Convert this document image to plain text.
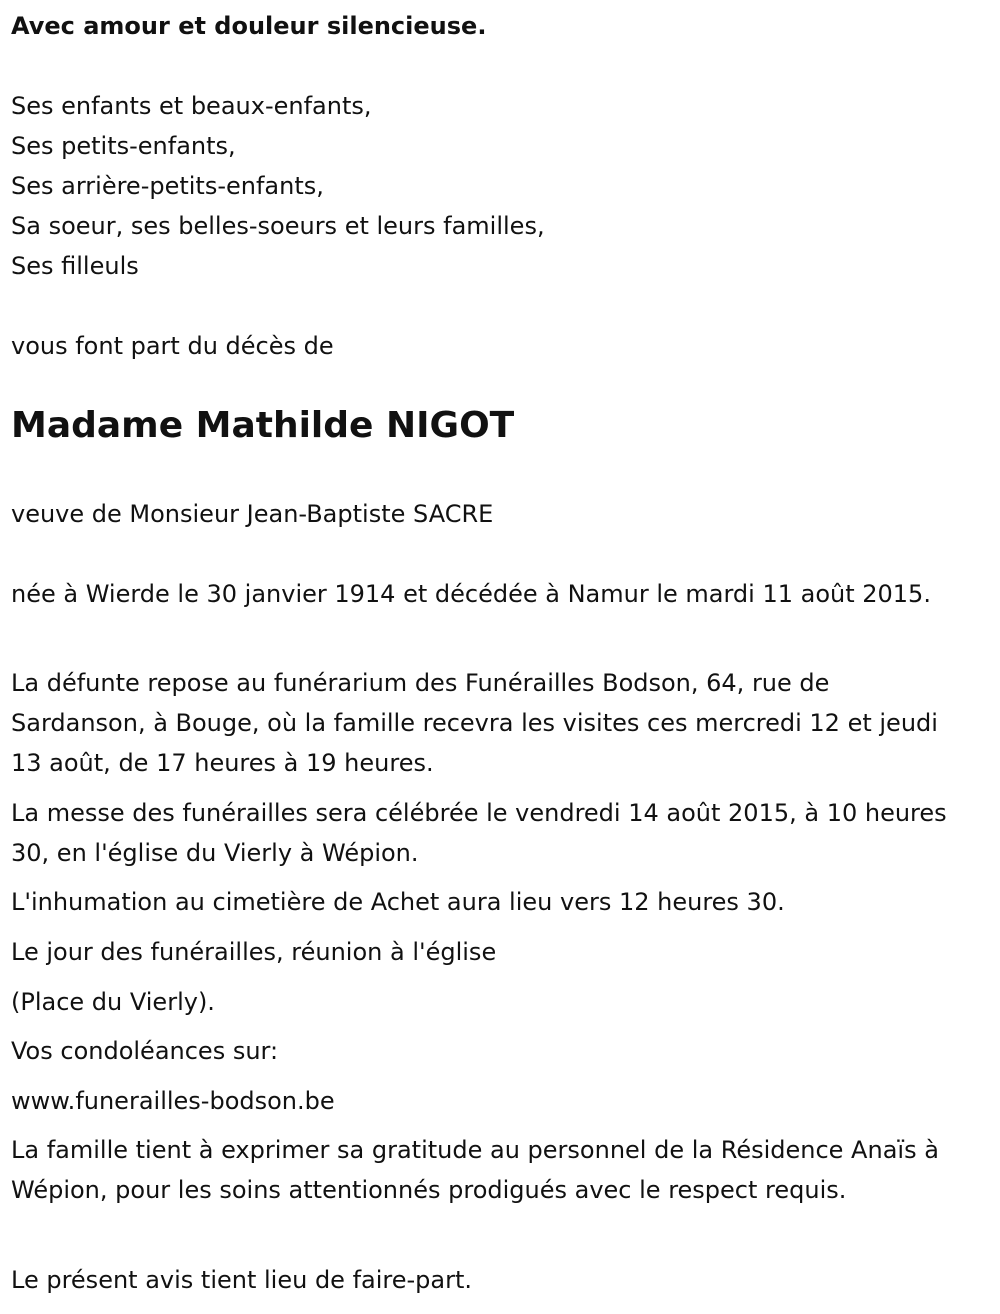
Avec amour et douleur silencieuse.
Ses enfants et beaux-enfants,
Ses petits-enfants,
Ses arrière-petits-enfants,
Sa soeur, ses belles-soeurs et leurs familles,
Ses filleuls
vous font part du décès de
Madame Mathilde NIGOT
veuve de Monsieur Jean-Baptiste SACRE
née à Wierde le 30 janvier 1914 et décédée à Namur le mardi 11 août 2015.
La défunte repose au funérarium des Funérailles Bodson, 64, rue de Sardanson, à Bouge, où la famille recevra les visites ces mercredi 12 et jeudi 13 août, de 17 heures à 19 heures.
La messe des funérailles sera célébrée le vendredi 14 août 2015, à 10 heures 30, en l'église du Vierly à Wépion.
L'inhumation au cimetière de Achet aura lieu vers 12 heures 30.
Le jour des funérailles, réunion à l'église
(Place du Vierly).
Vos condoléances sur:
www.funerailles-bodson.be
La famille tient à exprimer sa gratitude au personnel de la Résidence Anaïs à Wépion, pour les soins attentionnés prodigués avec le respect requis.
Le présent avis tient lieu de faire-part.
